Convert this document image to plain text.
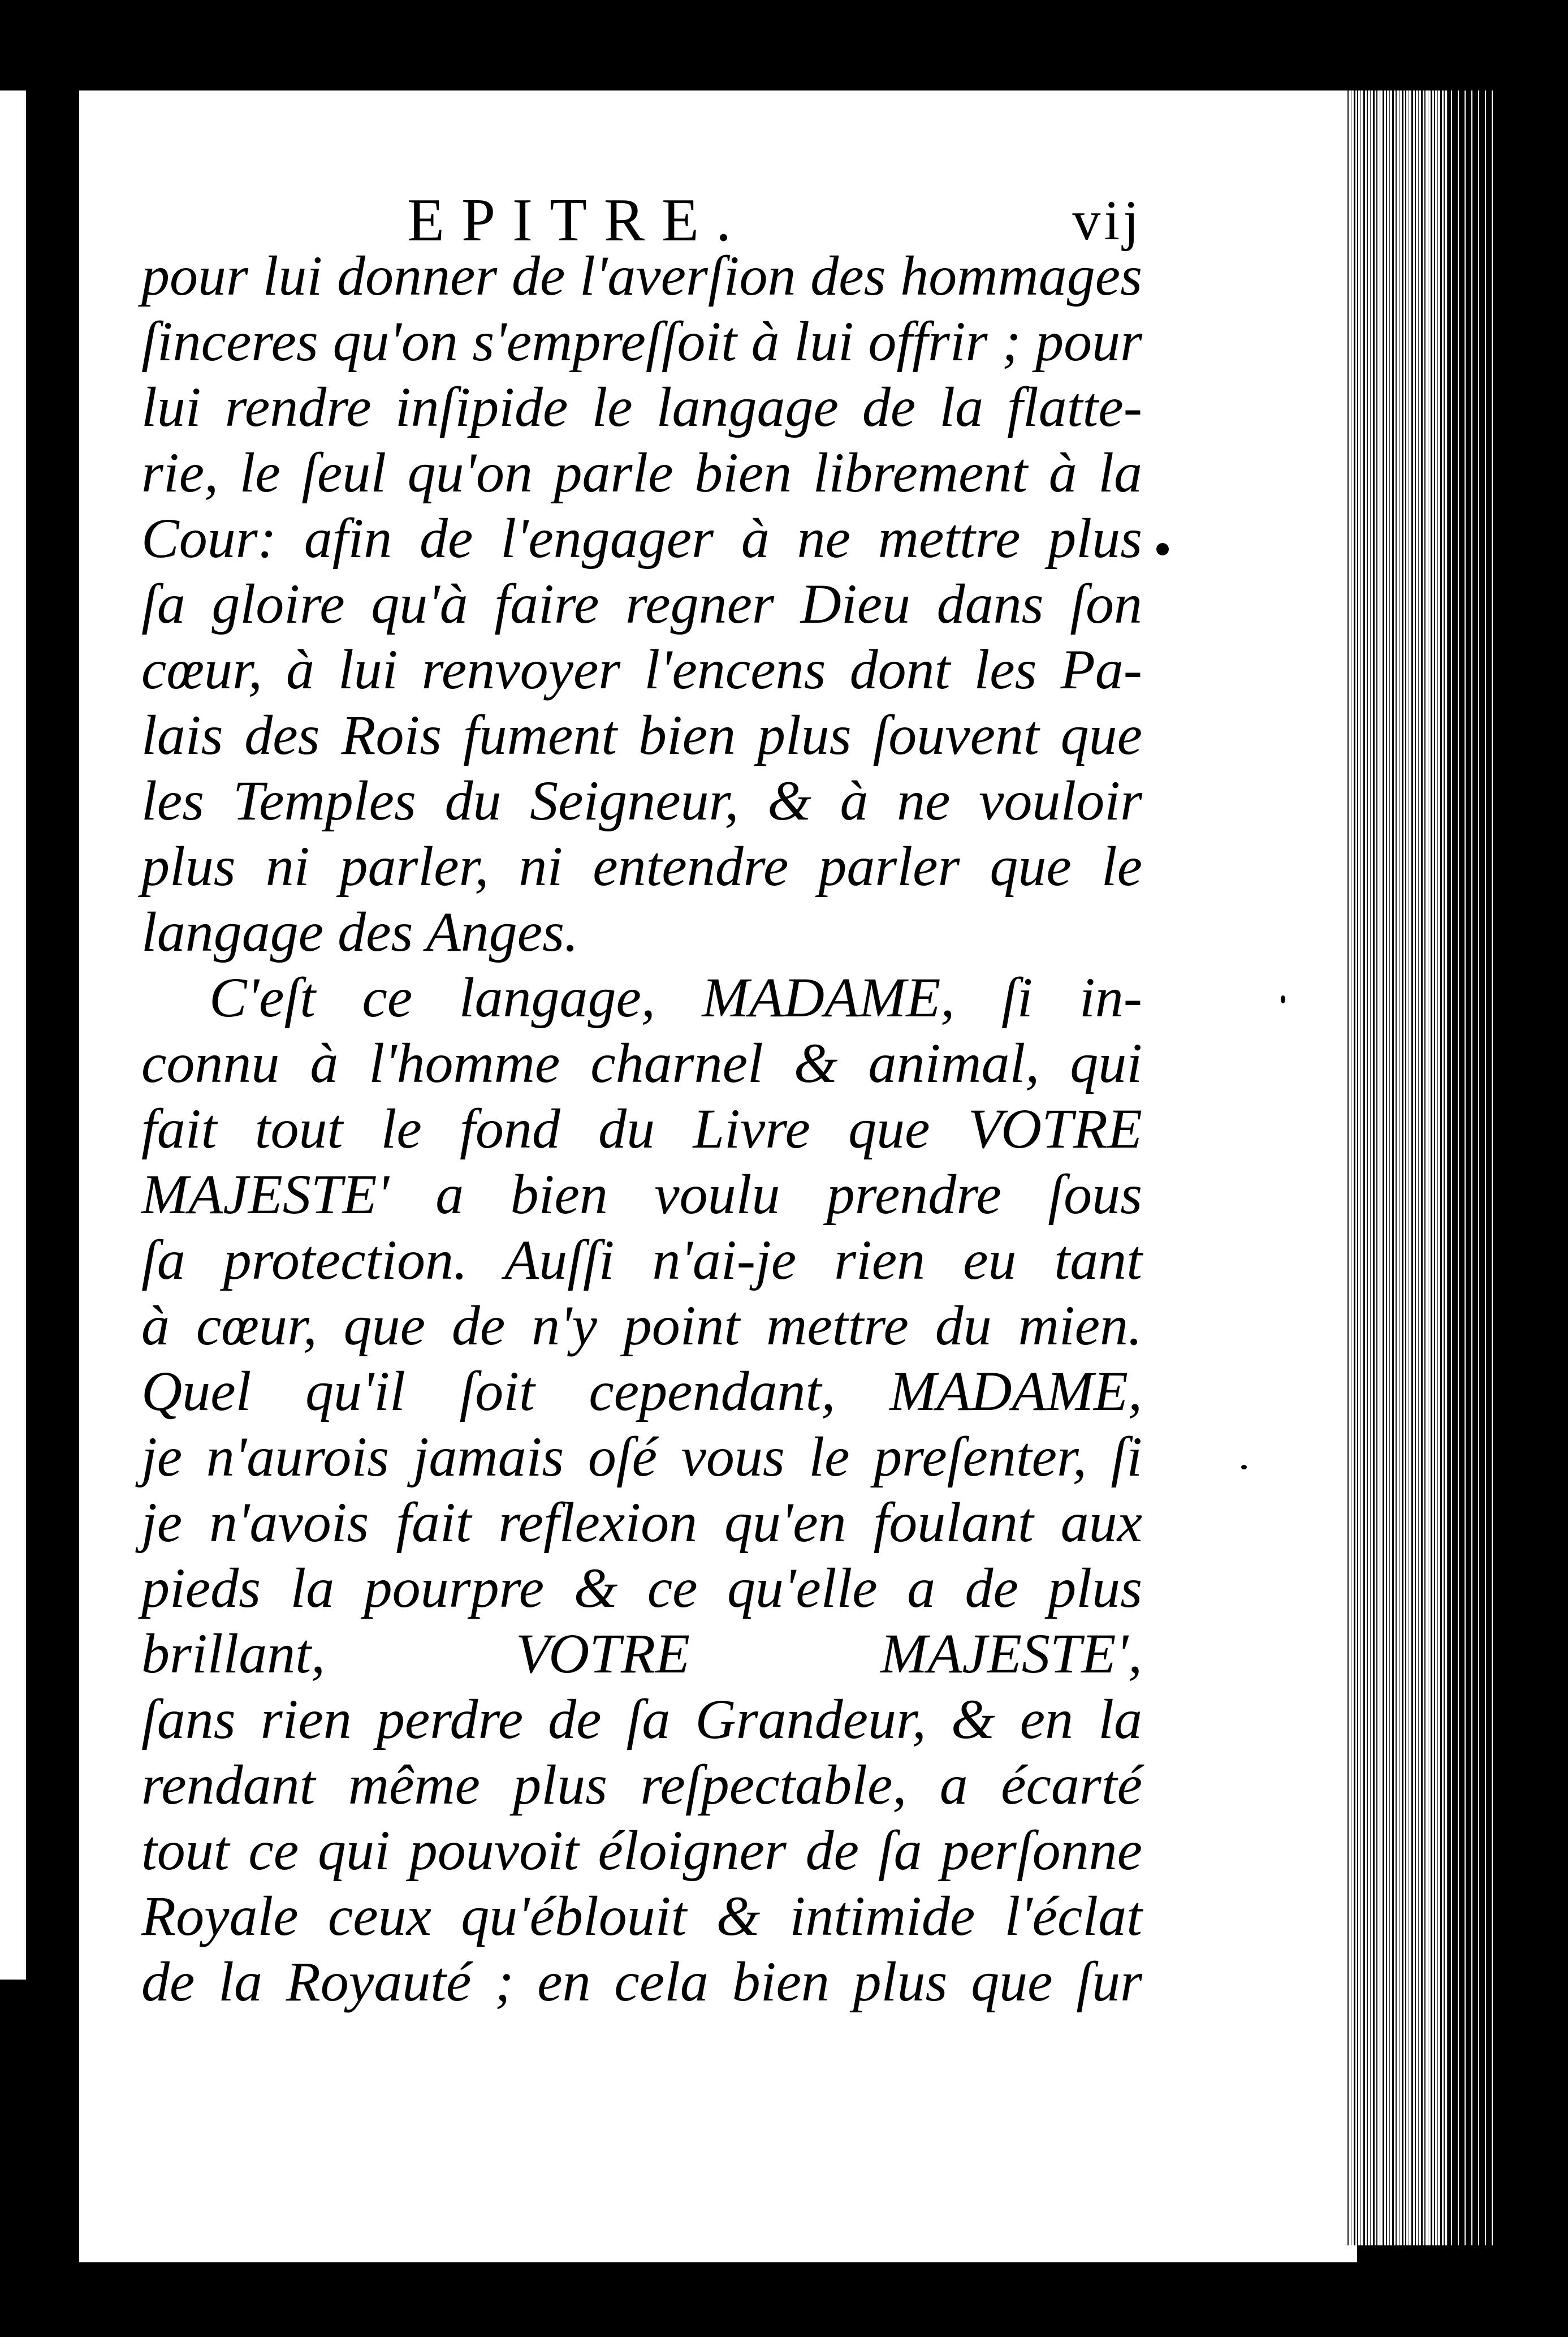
EPITRE.	vij
pour lui donner de l'averſion des hommages
ſinceres qu'on s'empreſſoit à lui offrir ; pour
lui rendre inſipide le langage de la flatte-
rie, le ſeul qu'on parle bien librement à la
Cour: afin de l'engager à ne mettre plus
ſa gloire qu'à faire regner Dieu dans ſon
cœur, à lui renvoyer l'encens dont les Pa-
lais des Rois fument bien plus ſouvent que
les Temples du Seigneur, & à ne vouloir
plus ni parler, ni entendre parler que le
langage des Anges.
C'eſt ce langage, MADAME, ſi in-
connu à l'homme charnel & animal, qui
fait tout le fond du Livre que VOTRE
MAJESTE' a bien voulu prendre ſous
ſa protection. Auſſi n'ai-je rien eu tant
à cœur, que de n'y point mettre du mien.
Quel qu'il ſoit cependant, MADAME,
je n'aurois jamais oſé vous le preſenter, ſi
je n'avois fait reflexion qu'en foulant aux
pieds la pourpre & ce qu'elle a de plus
brillant, VOTRE MAJESTE',
ſans rien perdre de ſa Grandeur, & en la
rendant même plus reſpectable, a écarté
tout ce qui pouvoit éloigner de ſa perſonne
Royale ceux qu'éblouit & intimide l'éclat
de la Royauté ; en cela bien plus que ſur
